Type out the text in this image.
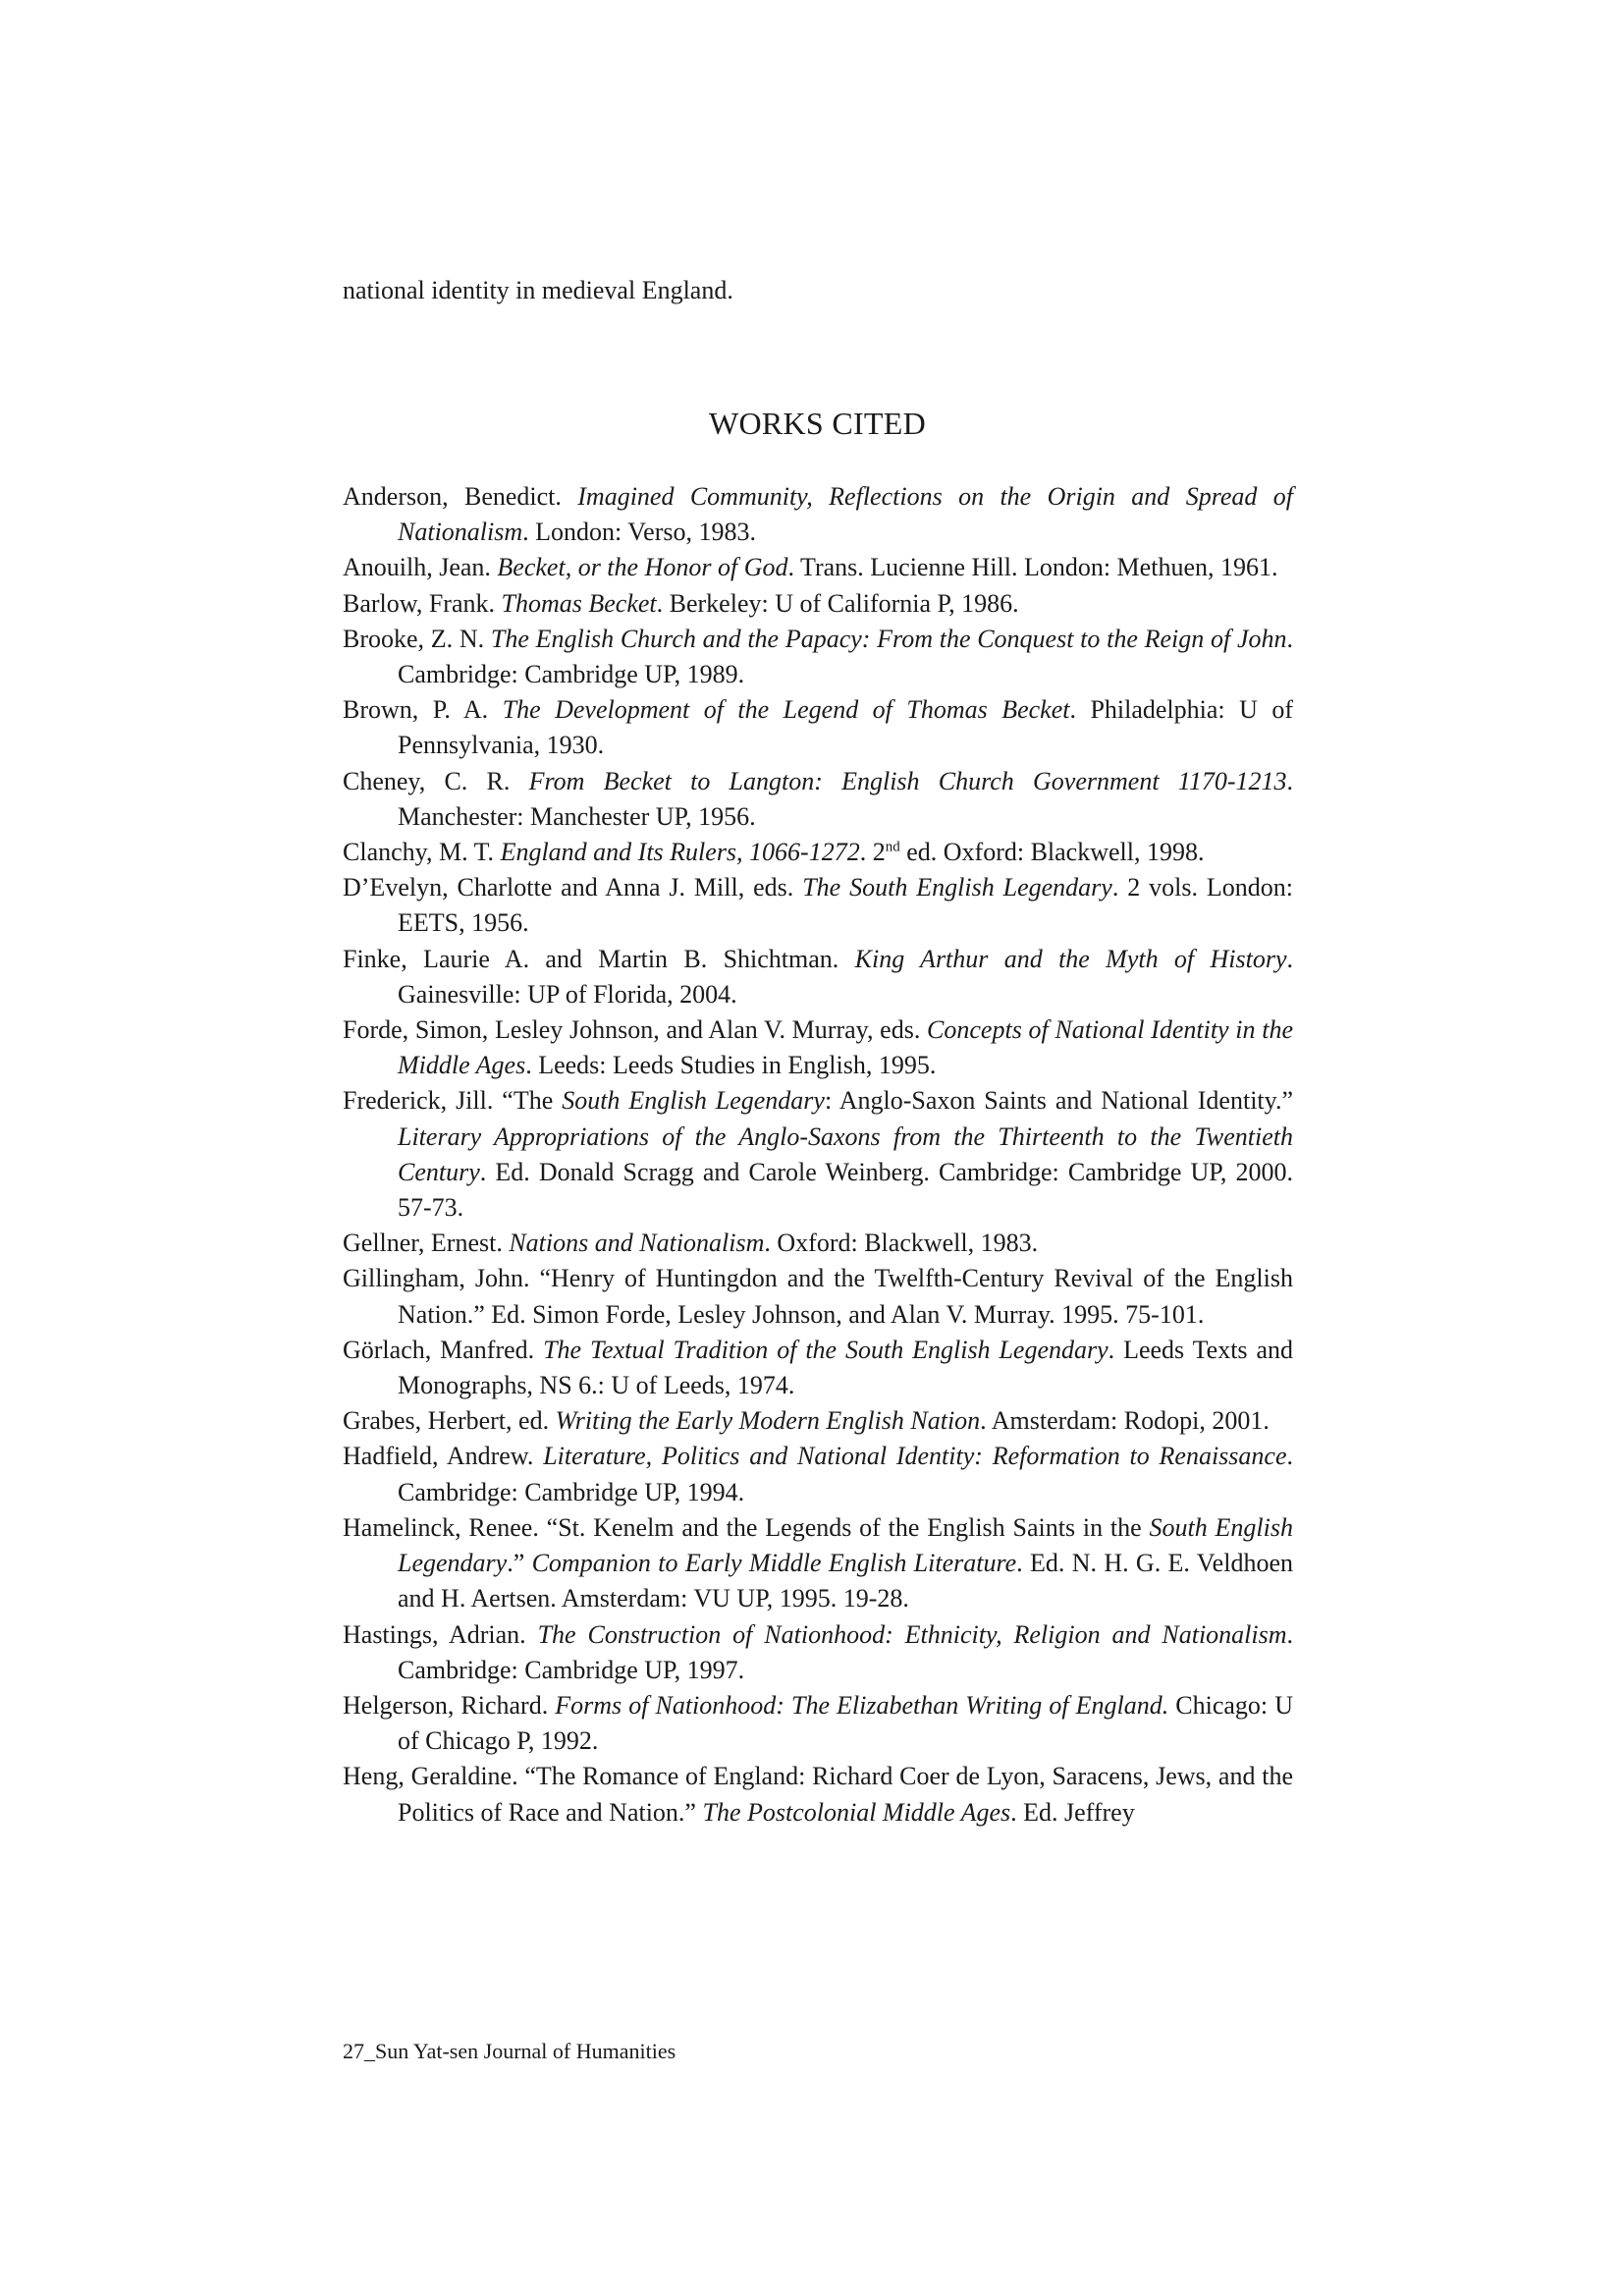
national identity in medieval England.

WORKS CITED
Anderson, Benedict. Imagined Community, Reflections on the Origin and Spread of Nationalism. London: Verso, 1983.
Anouilh, Jean. Becket, or the Honor of God. Trans. Lucienne Hill. London: Methuen, 1961.
Barlow, Frank. Thomas Becket. Berkeley: U of California P, 1986.
Brooke, Z. N. The English Church and the Papacy: From the Conquest to the Reign of John. Cambridge: Cambridge UP, 1989.
Brown, P. A. The Development of the Legend of Thomas Becket. Philadelphia: U of Pennsylvania, 1930.
Cheney, C. R. From Becket to Langton: English Church Government 1170-1213. Manchester: Manchester UP, 1956.
Clanchy, M. T. England and Its Rulers, 1066-1272. 2nd ed. Oxford: Blackwell, 1998.
D’Evelyn, Charlotte and Anna J. Mill, eds. The South English Legendary. 2 vols. London: EETS, 1956.
Finke, Laurie A. and Martin B. Shichtman. King Arthur and the Myth of History. Gainesville: UP of Florida, 2004.
Forde, Simon, Lesley Johnson, and Alan V. Murray, eds. Concepts of National Identity in the Middle Ages. Leeds: Leeds Studies in English, 1995.
Frederick, Jill. “The South English Legendary: Anglo-Saxon Saints and National Identity.” Literary Appropriations of the Anglo-Saxons from the Thirteenth to the Twentieth Century. Ed. Donald Scragg and Carole Weinberg. Cambridge: Cambridge UP, 2000. 57-73.
Gellner, Ernest. Nations and Nationalism. Oxford: Blackwell, 1983.
Gillingham, John. “Henry of Huntingdon and the Twelfth-Century Revival of the English Nation.” Ed. Simon Forde, Lesley Johnson, and Alan V. Murray. 1995. 75-101.
Görlach, Manfred. The Textual Tradition of the South English Legendary. Leeds Texts and Monographs, NS 6.: U of Leeds, 1974.
Grabes, Herbert, ed. Writing the Early Modern English Nation. Amsterdam: Rodopi, 2001.
Hadfield, Andrew. Literature, Politics and National Identity: Reformation to Renaissance. Cambridge: Cambridge UP, 1994.
Hamelinck, Renee. “St. Kenelm and the Legends of the English Saints in the South English Legendary.” Companion to Early Middle English Literature. Ed. N. H. G. E. Veldhoen and H. Aertsen. Amsterdam: VU UP, 1995. 19-28.
Hastings, Adrian. The Construction of Nationhood: Ethnicity, Religion and Nationalism. Cambridge: Cambridge UP, 1997.
Helgerson, Richard. Forms of Nationhood: The Elizabethan Writing of England. Chicago: U of Chicago P, 1992.
Heng, Geraldine. “The Romance of England: Richard Coer de Lyon, Saracens, Jews, and the Politics of Race and Nation.” The Postcolonial Middle Ages. Ed. Jeffrey

27_Sun Yat-sen Journal of Humanities
